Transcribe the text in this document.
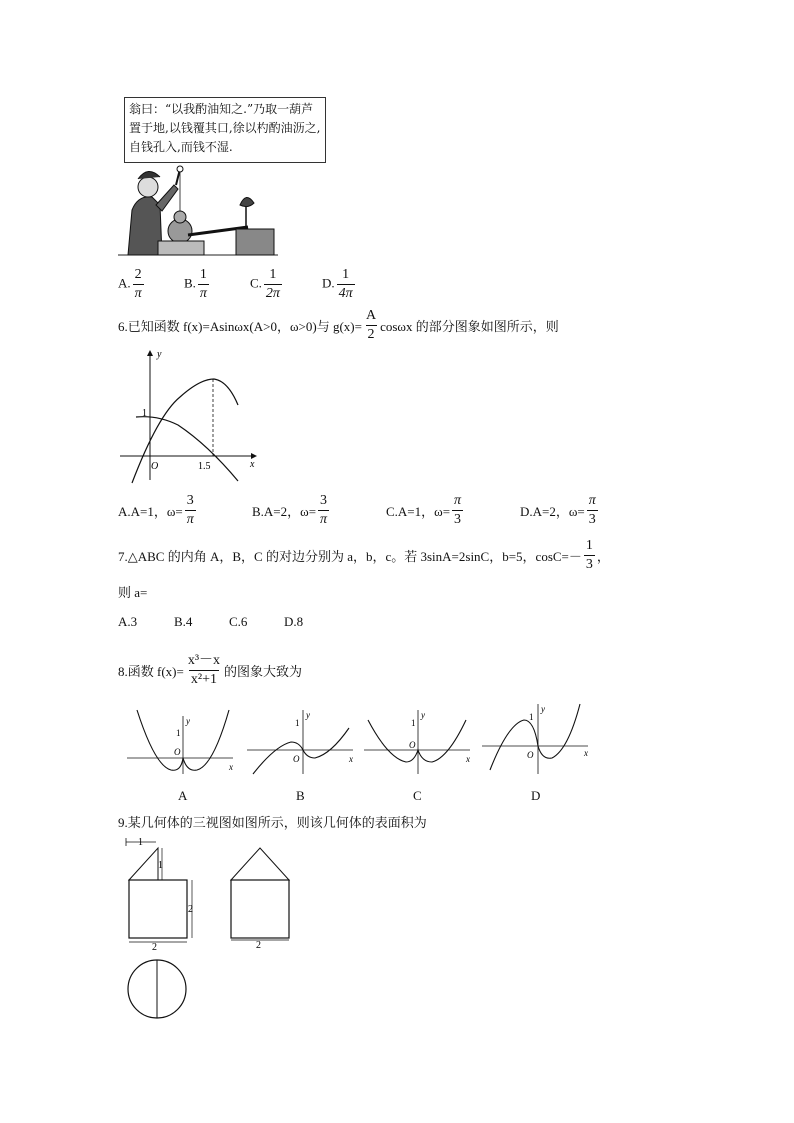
翁曰：“以我酌油知之.”乃取一葫芦置于地,以钱覆其口,徐以杓酌油沥之,自钱孔入,而钱不湿.
A. $\frac{2}{\pi}$	B. $\frac{1}{\pi}$	C. $\frac{1}{2\pi}$	D. $\frac{1}{4\pi}$
6.已知函数 f(x)=Asinωx(A>0，ω>0)与 $g(x)= \frac{A}{2}$ cosωx 的部分图象如图所示，则
y
x
O
1
1.5
A.A=1，$\omega= \frac{3}{\pi}$	B.A=2，$\omega= \frac{3}{\pi}$	C.A=1，$\omega= \frac{\pi}{3}$	D.A=2，$\omega= \frac{\pi}{3}$
7.△ABC 的内角 A，B，C 的对边分别为 a，b，c。若 3sinA=2sinC，b=5，$\cos C=- \frac{1}{3}$ ，
则 a=
A.3	B.4	C.6	D.8
8.函数 $f(x)= \frac{\text{x³－x}}{\text{x²+1}}$ 的图象大致为
y
x
O
1
y
x
O
1
y
x
O
1
y
x
O
1
A	B	C	D
9.某几何体的三视图如图所示，则该几何体的表面积为
1
1
2
2	2
